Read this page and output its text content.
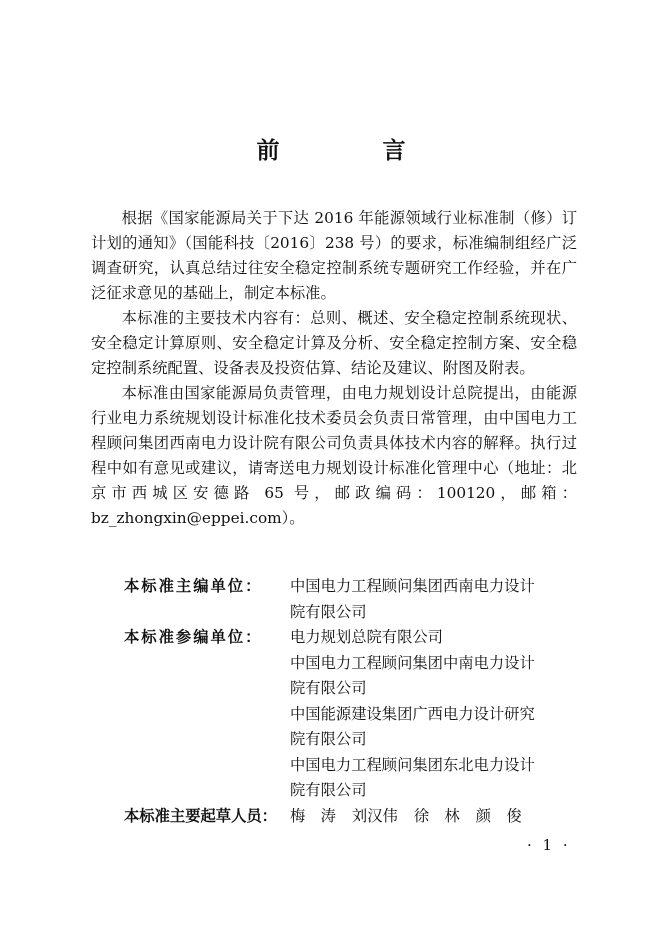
前　言

根据《国家能源局关于下达 2016 年能源领域行业标准制（修）订计划的通知》（国能科技〔2016〕238 号）的要求，标准编制组经广泛调查研究，认真总结过往安全稳定控制系统专题研究工作经验，并在广泛征求意见的基础上，制定本标准。

本标准的主要技术内容有：总则、概述、安全稳定控制系统现状、安全稳定计算原则、安全稳定计算及分析、安全稳定控制方案、安全稳定控制系统配置、设备表及投资估算、结论及建议、附图及附表。

本标准由国家能源局负责管理，由电力规划设计总院提出，由能源行业电力系统规划设计标准化技术委员会负责日常管理，由中国电力工程顾问集团西南电力设计院有限公司负责具体技术内容的解释。执行过程中如有意见或建议，请寄送电力规划设计标准化管理中心（地址：北京市西城区安德路 65 号，邮政编码：100120，邮箱：bz_zhongxin@eppei.com）。

本标准主编单位：	中国电力工程顾问集团西南电力设计
院有限公司
本标准参编单位：	电力规划总院有限公司
中国电力工程顾问集团中南电力设计
院有限公司
中国能源建设集团广西电力设计研究
院有限公司
中国电力工程顾问集团东北电力设计
院有限公司
本标准主要起草人员： 梅　涛 刘汉伟 徐　林 颜　俊
· 1 ·
